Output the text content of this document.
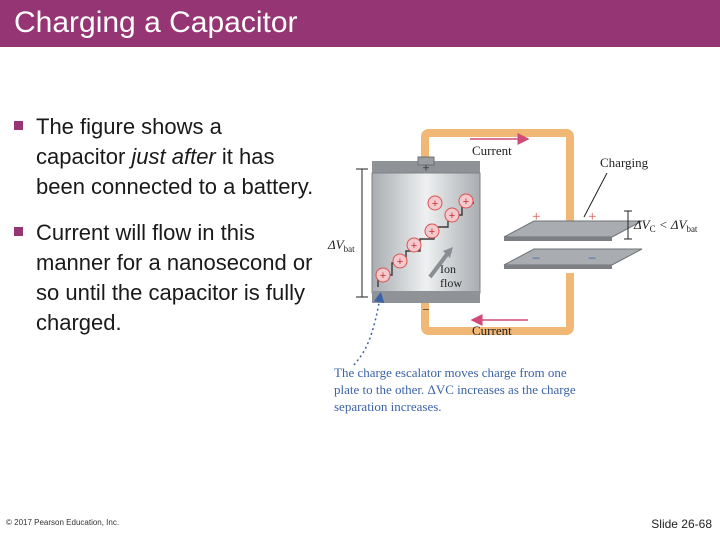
Charging a Capacitor
The figure shows a capacitor just after it has been connected to a battery.
Current will flow in this manner for a nanosecond or so until the capacitor is fully charged.
+
−
Ion flow
+
+
+
+
+
+ +
+	+
−	−
Current
Current
Charging
$\Delta V_{bat}$
$\Delta V_C < \Delta V_{bat}$
The charge escalator moves charge from one plate to the other. ΔVC increases as the charge separation increases.
© 2017 Pearson Education, Inc.	Slide 26-68
